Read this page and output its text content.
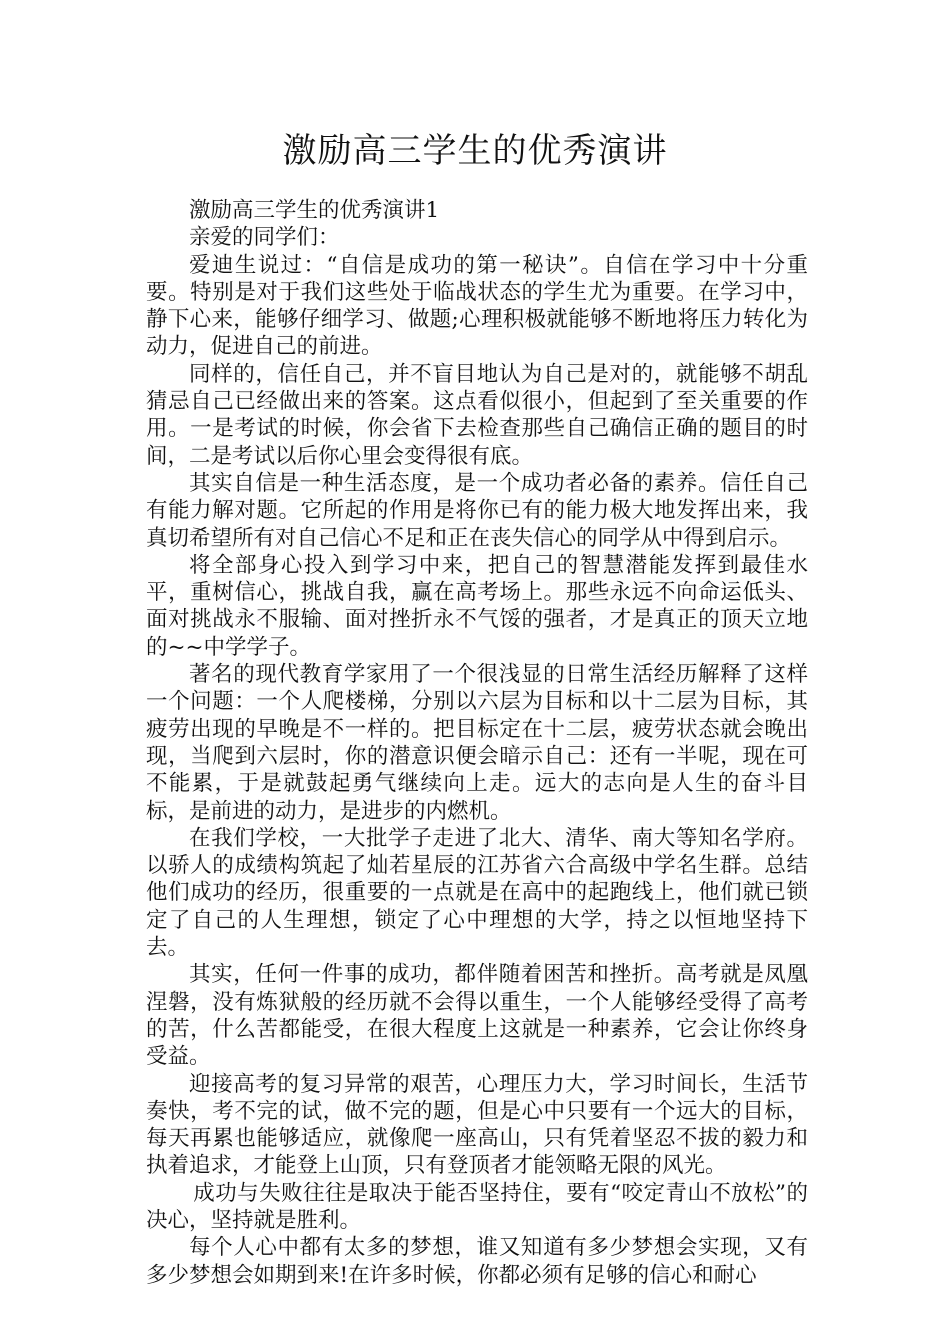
激励高三学生的优秀演讲

激励高三学生的优秀演讲1

亲爱的同学们：

爱迪生说过：“自信是成功的第一秘诀”。自信在学习中十分重要。特别是对于我们这些处于临战状态的学生尤为重要。在学习中，静下心来，能够仔细学习、做题;心理积极就能够不断地将压力转化为动力，促进自己的前进。

同样的，信任自己，并不盲目地认为自己是对的，就能够不胡乱猜忌自己已经做出来的答案。这点看似很小，但起到了至关重要的作用。一是考试的时候，你会省下去检查那些自己确信正确的题目的时间，二是考试以后你心里会变得很有底。

其实自信是一种生活态度，是一个成功者必备的素养。信任自己有能力解对题。它所起的作用是将你已有的能力极大地发挥出来，我真切希望所有对自己信心不足和正在丧失信心的同学从中得到启示。

将全部身心投入到学习中来，把自己的智慧潜能发挥到最佳水平，重树信心，挑战自我，赢在高考场上。那些永远不向命运低头、面对挑战永不服输、面对挫折永不气馁的强者，才是真正的顶天立地的~~中学学子。

著名的现代教育学家用了一个很浅显的日常生活经历解释了这样一个问题：一个人爬楼梯，分别以六层为目标和以十二层为目标，其疲劳出现的早晚是不一样的。把目标定在十二层，疲劳状态就会晚出现，当爬到六层时，你的潜意识便会暗示自己：还有一半呢，现在可不能累，于是就鼓起勇气继续向上走。远大的志向是人生的奋斗目标，是前进的动力，是进步的内燃机。

在我们学校，一大批学子走进了北大、清华、南大等知名学府。以骄人的成绩构筑起了灿若星辰的江苏省六合高级中学名生群。总结他们成功的经历，很重要的一点就是在高中的起跑线上，他们就已锁定了自己的人生理想，锁定了心中理想的大学，持之以恒地坚持下去。

其实，任何一件事的成功，都伴随着困苦和挫折。高考就是凤凰涅磐，没有炼狱般的经历就不会得以重生，一个人能够经受得了高考的苦，什么苦都能受，在很大程度上这就是一种素养，它会让你终身受益。

迎接高考的复习异常的艰苦，心理压力大，学习时间长，生活节奏快，考不完的试，做不完的题，但是心中只要有一个远大的目标，每天再累也能够适应，就像爬一座高山，只有凭着坚忍不拔的毅力和执着追求，才能登上山顶，只有登顶者才能领略无限的风光。

成功与失败往往是取决于能否坚持住，要有“咬定青山不放松”的决心，坚持就是胜利。

每个人心中都有太多的梦想，谁又知道有多少梦想会实现，又有多少梦想会如期到来!在许多时候，你都必须有足够的信心和耐心
